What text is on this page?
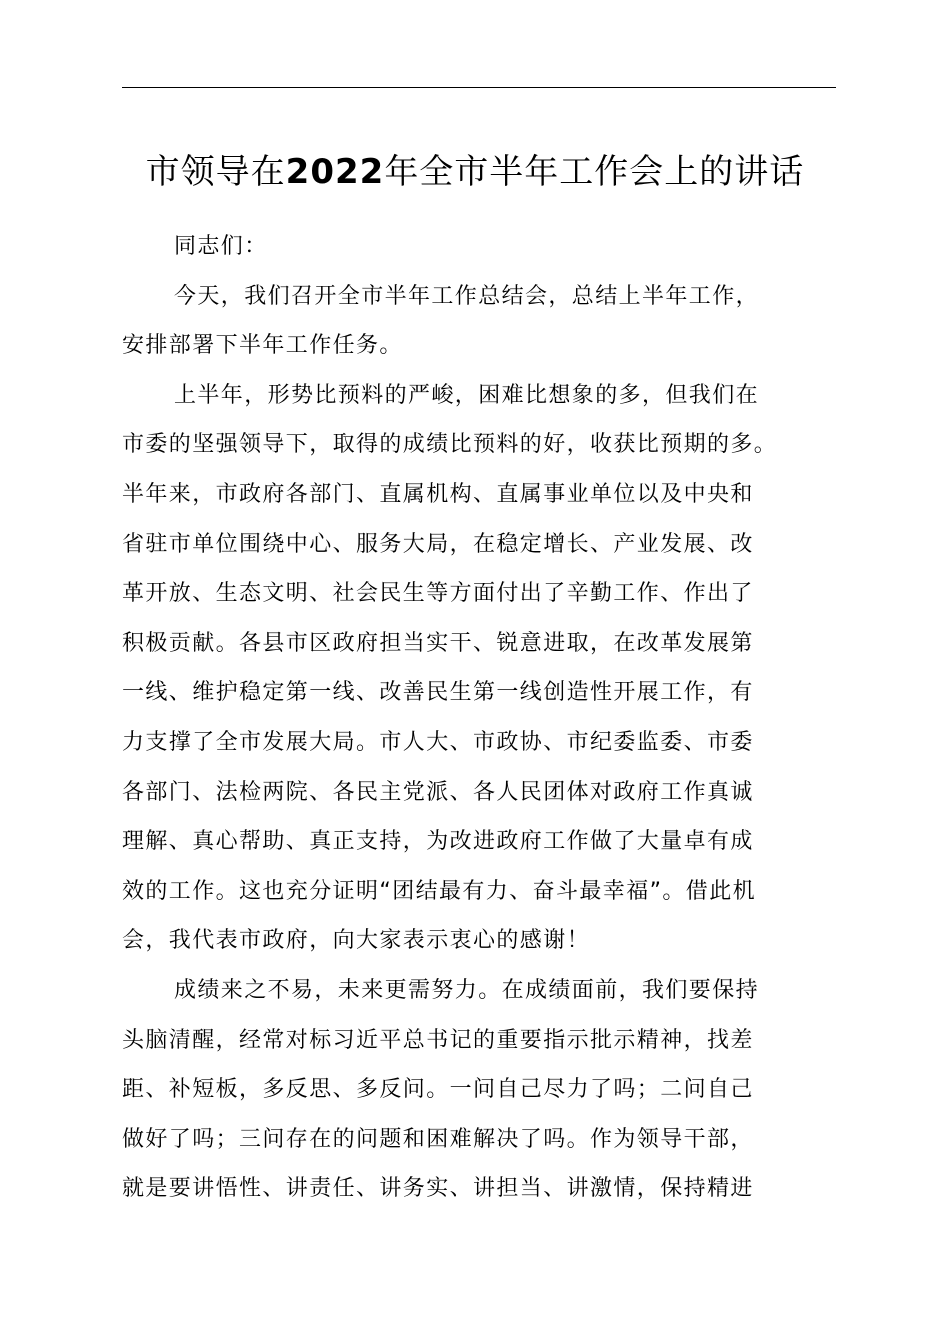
市领导在2022年全市半年工作会上的讲话
同志们：
今天，我们召开全市半年工作总结会，总结上半年工作，
安排部署下半年工作任务。
上半年，形势比预料的严峻，困难比想象的多，但我们在
市委的坚强领导下，取得的成绩比预料的好，收获比预期的多。
半年来，市政府各部门、直属机构、直属事业单位以及中央和
省驻市单位围绕中心、服务大局，在稳定增长、产业发展、改
革开放、生态文明、社会民生等方面付出了辛勤工作、作出了
积极贡献。各县市区政府担当实干、锐意进取，在改革发展第
一线、维护稳定第一线、改善民生第一线创造性开展工作，有
力支撑了全市发展大局。市人大、市政协、市纪委监委、市委
各部门、法检两院、各民主党派、各人民团体对政府工作真诚
理解、真心帮助、真正支持，为改进政府工作做了大量卓有成
效的工作。这也充分证明“团结最有力、奋斗最幸福”。借此机
会，我代表市政府，向大家表示衷心的感谢！
成绩来之不易，未来更需努力。在成绩面前，我们要保持
头脑清醒，经常对标习近平总书记的重要指示批示精神，找差
距、补短板，多反思、多反问。一问自己尽力了吗；二问自己
做好了吗；三问存在的问题和困难解决了吗。作为领导干部，
就是要讲悟性、讲责任、讲务实、讲担当、讲激情，保持精进
